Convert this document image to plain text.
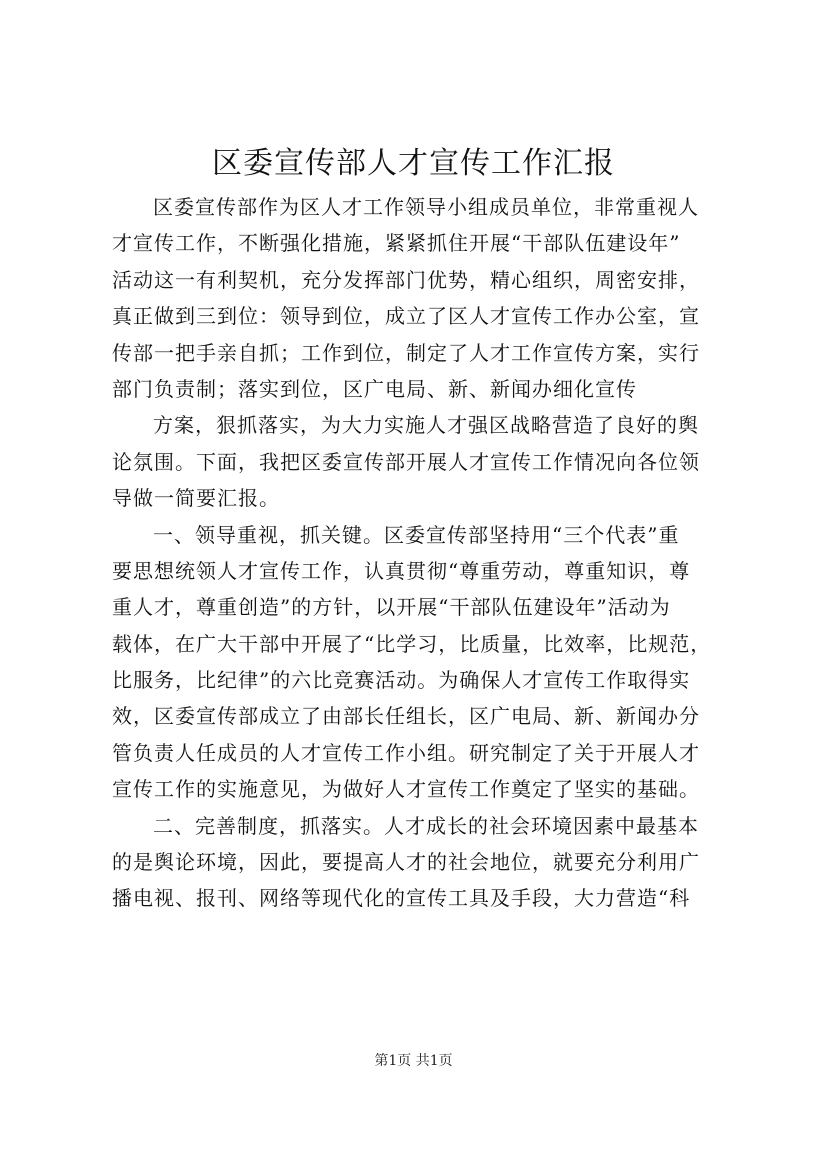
区委宣传部人才宣传工作汇报
区委宣传部作为区人才工作领导小组成员单位，非常重视人
才宣传工作，不断强化措施，紧紧抓住开展“干部队伍建设年”
活动这一有利契机，充分发挥部门优势，精心组织，周密安排，
真正做到三到位：领导到位，成立了区人才宣传工作办公室，宣
传部一把手亲自抓；工作到位，制定了人才工作宣传方案，实行
部门负责制；落实到位，区广电局、新、新闻办细化宣传
方案，狠抓落实，为大力实施人才强区战略营造了良好的舆
论氛围。下面，我把区委宣传部开展人才宣传工作情况向各位领
导做一简要汇报。
一、领导重视，抓关键。区委宣传部坚持用“三个代表”重
要思想统领人才宣传工作，认真贯彻“尊重劳动，尊重知识，尊
重人才，尊重创造”的方针，以开展“干部队伍建设年”活动为
载体，在广大干部中开展了“比学习，比质量，比效率，比规范，
比服务，比纪律”的六比竞赛活动。为确保人才宣传工作取得实
效，区委宣传部成立了由部长任组长，区广电局、新、新闻办分
管负责人任成员的人才宣传工作小组。研究制定了关于开展人才
宣传工作的实施意见，为做好人才宣传工作奠定了坚实的基础。
二、完善制度，抓落实。人才成长的社会环境因素中最基本
的是舆论环境，因此，要提高人才的社会地位，就要充分利用广
播电视、报刊、网络等现代化的宣传工具及手段，大力营造“科
第1页 共1页
